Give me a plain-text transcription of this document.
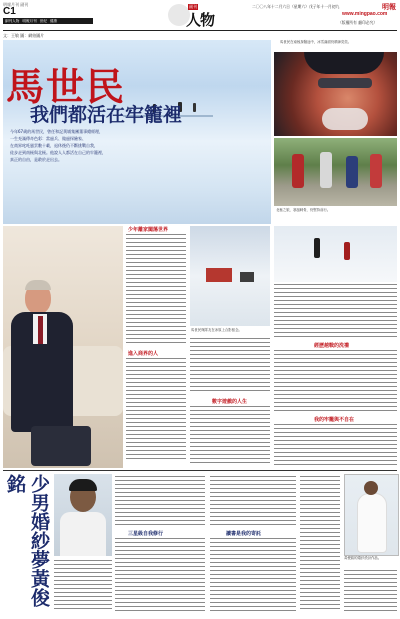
明報月刊 副刊
C1
副刊人物 明報月刊 世紀 健康
副刊
人物
二〇〇八年十二月六日（星期六）戊子年十一月初九	明報
www.mingpao.com
（版權所有 翻印必究）
文：王敏 圖：網絡圖片
馬世民
我們都活在牢籠裡
今年67歲的馬世民，曾任和記黃埔集團董事總經理，
一生充滿傳奇色彩：當過兵、做過探險家、
在商界叱吒風雲數十載，退休後仍不斷挑戰自我，
徒步走到南極與北極。他說人人都活在自己的牢籠裡，
真正的自由，是敢於走出去。
馬世民在南極探險途中，冰雪滿面仍精神奕奕。
北極之旅，寒風刺骨，仍堅持前行。
少年離家闖蕩世界
進入商界的人
馬世民與隊友在冰原上合影留念。
數字遊戲的人生
經歷越戰的洗禮
我的牢籠與不自在
少男婚紗夢黃俊銘
三星級自我修行	讀書是我的寄託
黃俊銘的婚紗設計作品。
